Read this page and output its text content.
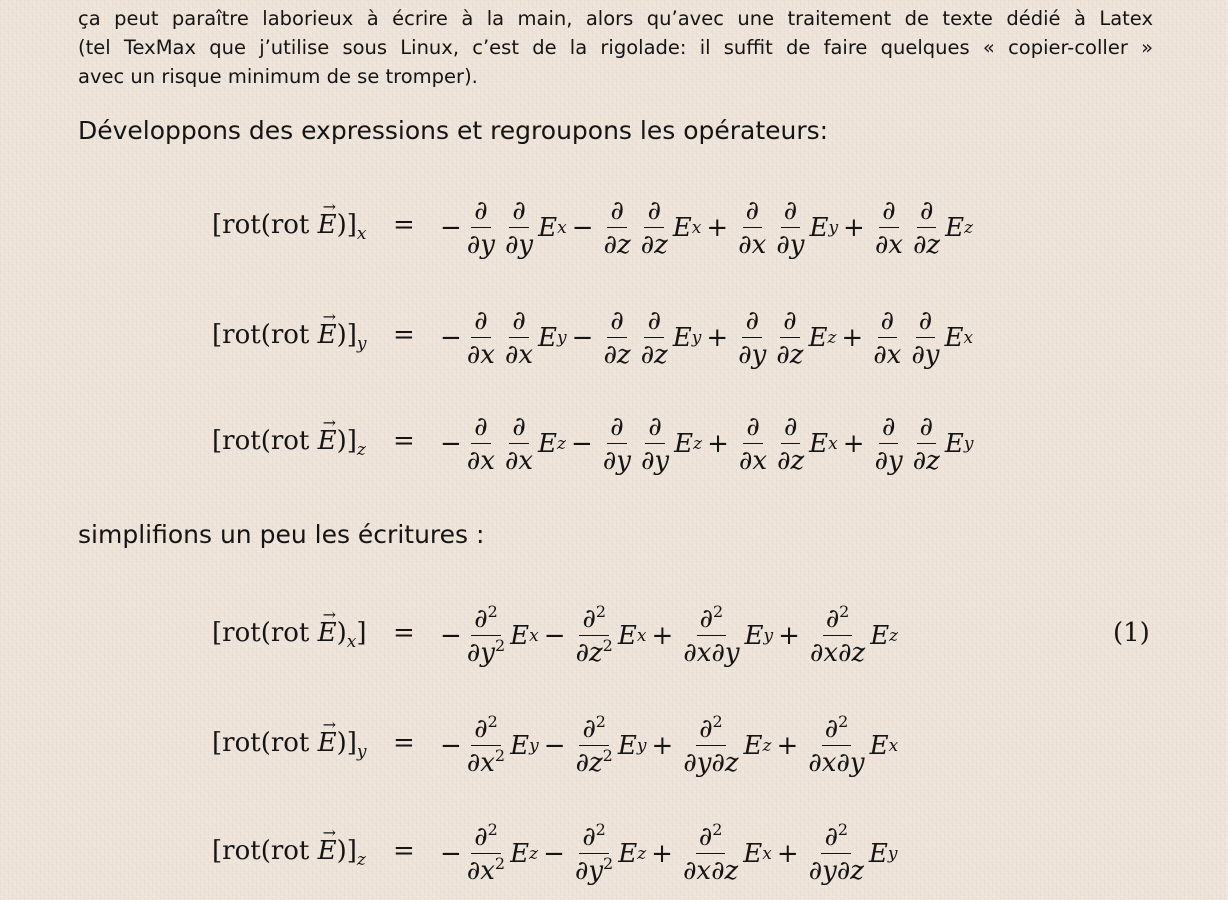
ça peut paraître laborieux à écrire à la main, alors qu’avec une traitement de texte dédié à Latex
(tel TexMax que j’utilise sous Linux, c’est de la rigolade: il suffit de faire quelques « copier-coller »
avec un risque minimum de se tromper).

Développons des expressions et regroupons les opérateurs:

$[rot(rot \to E)]_x$ = − $\frac{\partial}{\partial y} \frac{\partial}{\partial y}$ E $x - \frac{\partial}{\partial z} \frac{\partial}{\partial z}$ E $x + \frac{\partial}{\partial x} \frac{\partial}{\partial y}$ E $y + \frac{\partial}{\partial x} \frac{\partial}{\partial z}$ E z
$[rot(rot \to E)]_y$ = − $\frac{\partial}{\partial x} \frac{\partial}{\partial x}$ E $y - \frac{\partial}{\partial z} \frac{\partial}{\partial z}$ E $y + \frac{\partial}{\partial y} \frac{\partial}{\partial z}$ E $z + \frac{\partial}{\partial x} \frac{\partial}{\partial y}$ E x
$[rot(rot \to E)]_z$ = − $\frac{\partial}{\partial x} \frac{\partial}{\partial x}$ E $z - \frac{\partial}{\partial y} \frac{\partial}{\partial y}$ E $z + \frac{\partial}{\partial x} \frac{\partial}{\partial z}$ E $x + \frac{\partial}{\partial y} \frac{\partial}{\partial z}$ E y

simplifions un peu les écritures :

$[rot(rot \to E)_x]$ = − $\frac{\partial^2}{\partial y^2}$ E $x - \frac{\partial^2}{\partial z^2}$ E $x + \frac{\partial^2}{\partial x\partial y}$ E $y + \frac{\partial^2}{\partial x\partial z}$ E z	(1)
$[rot(rot \to E)]_y$ = − $\frac{\partial^2}{\partial x^2}$ E $y - \frac{\partial^2}{\partial z^2}$ E $y + \frac{\partial^2}{\partial y\partial z}$ E $z + \frac{\partial^2}{\partial x\partial y}$ E x
$[rot(rot \to E)]_z$ = − $\frac{\partial^2}{\partial x^2}$ E $z - \frac{\partial^2}{\partial y^2}$ E $z + \frac{\partial^2}{\partial x\partial z}$ E $x + \frac{\partial^2}{\partial y\partial z}$ E y
